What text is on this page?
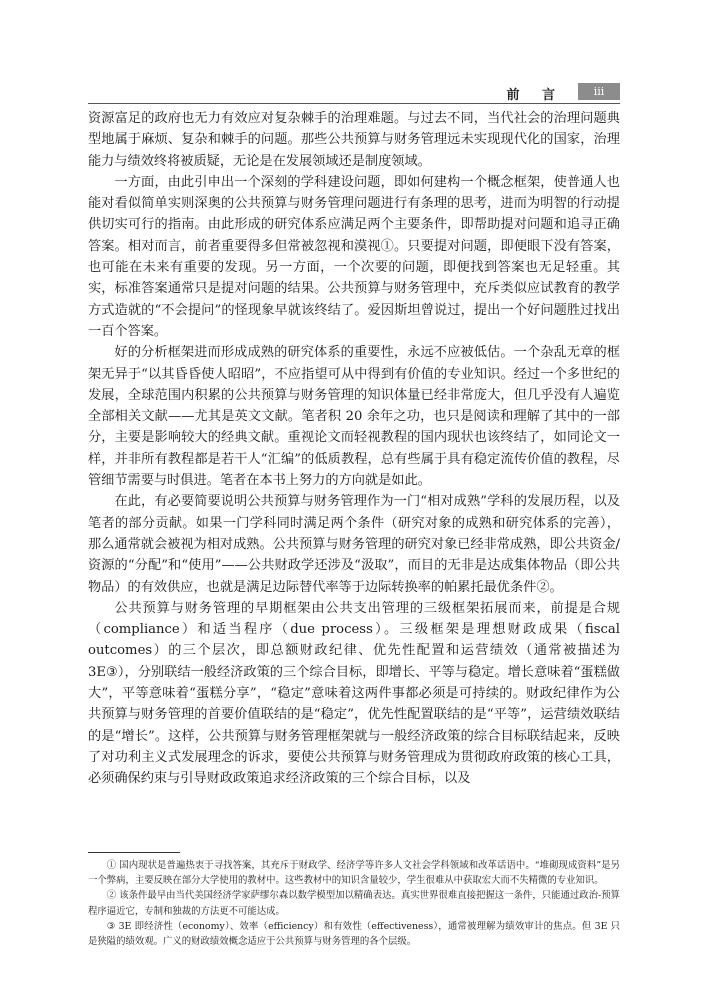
前 言	iii

资源富足的政府也无力有效应对复杂棘手的治理难题。与过去不同，当代社会的治理问题典型地属于麻烦、复杂和棘手的问题。那些公共预算与财务管理远未实现现代化的国家，治理能力与绩效终将被质疑，无论是在发展领域还是制度领域。

一方面，由此引申出一个深刻的学科建设问题，即如何建构一个概念框架，使普通人也能对看似简单实则深奥的公共预算与财务管理问题进行有条理的思考，进而为明智的行动提供切实可行的指南。由此形成的研究体系应满足两个主要条件，即帮助提对问题和追寻正确答案。相对而言，前者重要得多但常被忽视和漠视①。只要提对问题，即便眼下没有答案，也可能在未来有重要的发现。另一方面，一个次要的问题，即便找到答案也无足轻重。其实，标准答案通常只是提对问题的结果。公共预算与财务管理中，充斥类似应试教育的教学方式造就的“不会提问”的怪现象早就该终结了。爱因斯坦曾说过，提出一个好问题胜过找出一百个答案。

好的分析框架进而形成成熟的研究体系的重要性，永远不应被低估。一个杂乱无章的框架无异于“以其昏昏使人昭昭”，不应指望可从中得到有价值的专业知识。经过一个多世纪的发展，全球范围内积累的公共预算与财务管理的知识体量已经非常庞大，但几乎没有人遍览全部相关文献——尤其是英文文献。笔者积 20 余年之功，也只是阅读和理解了其中的一部分，主要是影响较大的经典文献。重视论文而轻视教程的国内现状也该终结了，如同论文一样，并非所有教程都是若干人“汇编”的低质教程，总有些属于具有稳定流传价值的教程，尽管细节需要与时俱进。笔者在本书上努力的方向就是如此。

在此，有必要简要说明公共预算与财务管理作为一门“相对成熟”学科的发展历程，以及笔者的部分贡献。如果一门学科同时满足两个条件（研究对象的成熟和研究体系的完善），那么通常就会被视为相对成熟。公共预算与财务管理的研究对象已经非常成熟，即公共资金/资源的“分配”和“使用”——公共财政学还涉及“汲取”，而目的无非是达成集体物品（即公共物品）的有效供应，也就是满足边际替代率等于边际转换率的帕累托最优条件②。

公共预算与财务管理的早期框架由公共支出管理的三级框架拓展而来，前提是合规（compliance）和适当程序（due process）。三级框架是理想财政成果（fiscal outcomes）的三个层次，即总额财政纪律、优先性配置和运营绩效（通常被描述为 3E③），分别联结一般经济政策的三个综合目标，即增长、平等与稳定。增长意味着“蛋糕做大”，平等意味着“蛋糕分享”，“稳定”意味着这两件事都必须是可持续的。财政纪律作为公共预算与财务管理的首要价值联结的是“稳定”，优先性配置联结的是“平等”，运营绩效联结的是“增长”。这样，公共预算与财务管理框架就与一般经济政策的综合目标联结起来，反映了对功利主义式发展理念的诉求，要使公共预算与财务管理成为贯彻政府政策的核心工具，必须确保约束与引导财政政策追求经济政策的三个综合目标，以及

① 国内现状是普遍热衷于寻找答案，其充斥于财政学、经济学等许多人文社会学科领域和改革话语中。“堆砌现成资料”是另一个弊病，主要反映在部分大学使用的教材中。这些教材中的知识含量较少，学生很难从中获取宏大而不失精微的专业知识。

② 该条件最早由当代美国经济学家萨缪尔森以数学模型加以精确表达。真实世界很难直接把握这一条件，只能通过政治-预算程序逼近它，专制和独裁的方法更不可能达成。

③ 3E 即经济性（economy）、效率（efficiency）和有效性（effectiveness），通常被理解为绩效审计的焦点。但 3E 只是狭隘的绩效观。广义的财政绩效概念适应于公共预算与财务管理的各个层级。
